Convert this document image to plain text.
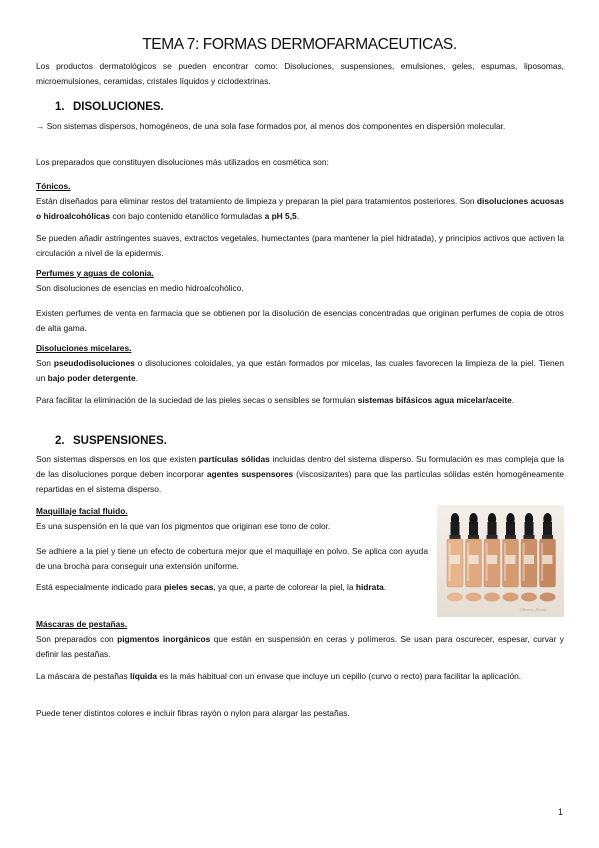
TEMA 7: FORMAS DERMOFARMACEUTICAS.

Los productos dermatológicos se pueden encontrar como: Disoluciones, suspensiones, emulsiones, geles, espumas, liposomas, microemulsiones, ceramidas, cristales líquidos y ciclodextrinas.

1. DISOLUCIONES.

→ Son sistemas dispersos, homogéneos, de una sola fase formados por, al menos dos componentes en dispersión molecular.

Los preparados que constituyen disoluciones más utilizados en cosmética son:

Tónicos.

Están diseñados para eliminar restos del tratamiento de limpieza y preparan la piel para tratamientos posteriores. Son disoluciones acuosas o hidroalcohólicas con bajo contenido etanólico formuladas a pH 5,5.

Se pueden añadir astringentes suaves, extractos vegetales, humectantes (para mantener la piel hidratada), y principios activos que activen la circulación a nivel de la epidermis.

Perfumes y aguas de colonia.

Son disoluciones de esencias en medio hidroalcohólico.

Existen perfumes de venta en farmacia que se obtienen por la disolución de esencias concentradas que originan perfumes de copia de otros de alta gama.

Disoluciones micelares.

Son pseudodisoluciones o disoluciones coloidales, ya que están formados por micelas, las cuales favorecen la limpieza de la piel. Tienen un bajo poder detergente.

Para facilitar la eliminación de la suciedad de las pieles secas o sensibles se formulan sistemas bifásicos agua micelar/aceite.

2. SUSPENSIONES.

Son sistemas dispersos en los que existen partículas sólidas incluidas dentro del sistema disperso. Su formulación es mas compleja que la de las disoluciones porque deben incorporar agentes suspensores (viscosizantes) para que las partículas sólidas estén homogéneamente repartidas en el sistema disperso.

Maquillaje facial fluido.

Es una suspensión en la que van los pigmentos que originan ese tono de color.

Se adhiere a la piel y tiene un efecto de cobertura mejor que el maquillaje en polvo. Se aplica con ayuda de una brocha para conseguir una extensión uniforme.

Está especialmente indicado para pieles secas, ya que, a parte de colorear la piel, la hidrata.

©Beauty_Bloody
Máscaras de pestañas.

Son preparados con pigmentos inorgánicos que están en suspensión en ceras y polímeros. Se usan para oscurecer, espesar, curvar y definir las pestañas.

La máscara de pestañas líquida es la más habitual con un envase que incluye un cepillo (curvo o recto) para facilitar la aplicación.

Puede tener distintos colores e incluir fibras rayón o nylon para alargar las pestañas.

1
